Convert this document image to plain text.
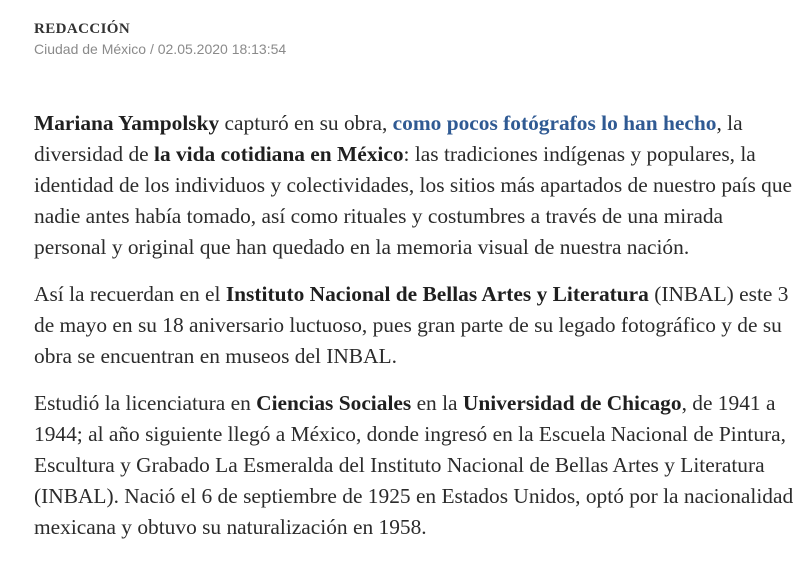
REDACCIÓN

Ciudad de México / 02.05.2020 18:13:54

Mariana Yampolsky capturó en su obra, como pocos fotógrafos lo han hecho, la diversidad de la vida cotidiana en México: las tradiciones indígenas y populares, la identidad de los individuos y colectividades, los sitios más apartados de nuestro país que nadie antes había tomado, así como rituales y costumbres a través de una mirada personal y original que han quedado en la memoria visual de nuestra nación.

Así la recuerdan en el Instituto Nacional de Bellas Artes y Literatura (INBAL) este 3 de mayo en su 18 aniversario luctuoso, pues gran parte de su legado fotográfico y de su obra se encuentran en museos del INBAL.

Estudió la licenciatura en Ciencias Sociales en la Universidad de Chicago, de 1941 a 1944; al año siguiente llegó a México, donde ingresó en la Escuela Nacional de Pintura, Escultura y Grabado La Esmeralda del Instituto Nacional de Bellas Artes y Literatura (INBAL). Nació el 6 de septiembre de 1925 en Estados Unidos, optó por la nacionalidad mexicana y obtuvo su naturalización en 1958.
